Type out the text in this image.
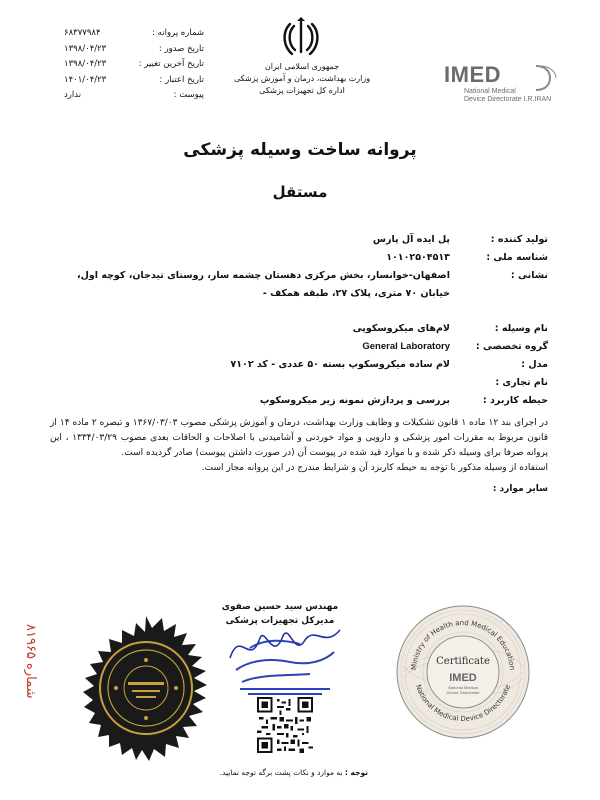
شماره پروانه :
۶۸۳۷۷۹۸۴
تاریخ صدور :
۱۳۹۸/۰۴/۲۳
تاریخ آخرین تغییر :
۱۳۹۸/۰۴/۲۳
تاریخ اعتبار :
۱۴۰۱/۰۴/۲۳
پیوست :
ندارد
جمهوری اسلامی ایران
وزارت بهداشت، درمان و آموزش پزشکی
اداره کل تجهیزات پزشکی
IMED
National Medical
Device Directorate I.R.IRAN
پروانه ساخت وسیله پزشکی
مستقل
تولید کننده :
پل ایده آل پارس
شناسه ملی :
۱۰۱۰۲۵۰۴۵۱۳
نشانی :
اصفهان-خوانسار، بخش مرکزی دهستان چشمه سار، روستای تیدجان، کوچه اول، خیابان ۷۰ متری، پلاک ۲۷، طبقه همکف -
نام وسیله :
لام‌های میکروسکوپی
گروه تخصصی :
General Laboratory
مدل :
لام ساده میکروسکوپ بسته ۵۰ عددی - کد ۷۱۰۲
نام تجاری :
حیطه کاربرد :
بررسی و پردازش نمونه زیر میکروسکوپ
در اجرای بند ۱۲ ماده ۱ قانون تشکیلات و وظایف وزارت بهداشت، درمان و آموزش پزشکی مصوب ۱۳۶۷/۰۳/۰۳ و تبصره ۲ ماده ۱۴ از قانون مربوط به مقررات امور پزشکی و دارویی و مواد خوردنی و آشامیدنی با اصلاحات و الحاقات بعدی مصوب ۱۳۳۴/۰۳/۲۹ ، این پروانه صرفا برای وسیله ذکر شده و با موارد قید شده در پیوست آن (در صورت داشتن پیوست) صادر گردیده است.
استفاده از وسیله مذکور با توجه به حیطه کاربرد آن و شرایط مندرج در این پروانه مجاز است.
سایر موارد :
مهندس سید حسین صفوی
مدیرکل تجهیزات پزشکی
Ministry of Health and Medical Education
National Medical Device Directorate
Certificate
IMED
National Medical
Device Directorate
شماره ۸۱۹۶۵
توجه : به موارد و نکات پشت برگه توجه نمایید.
